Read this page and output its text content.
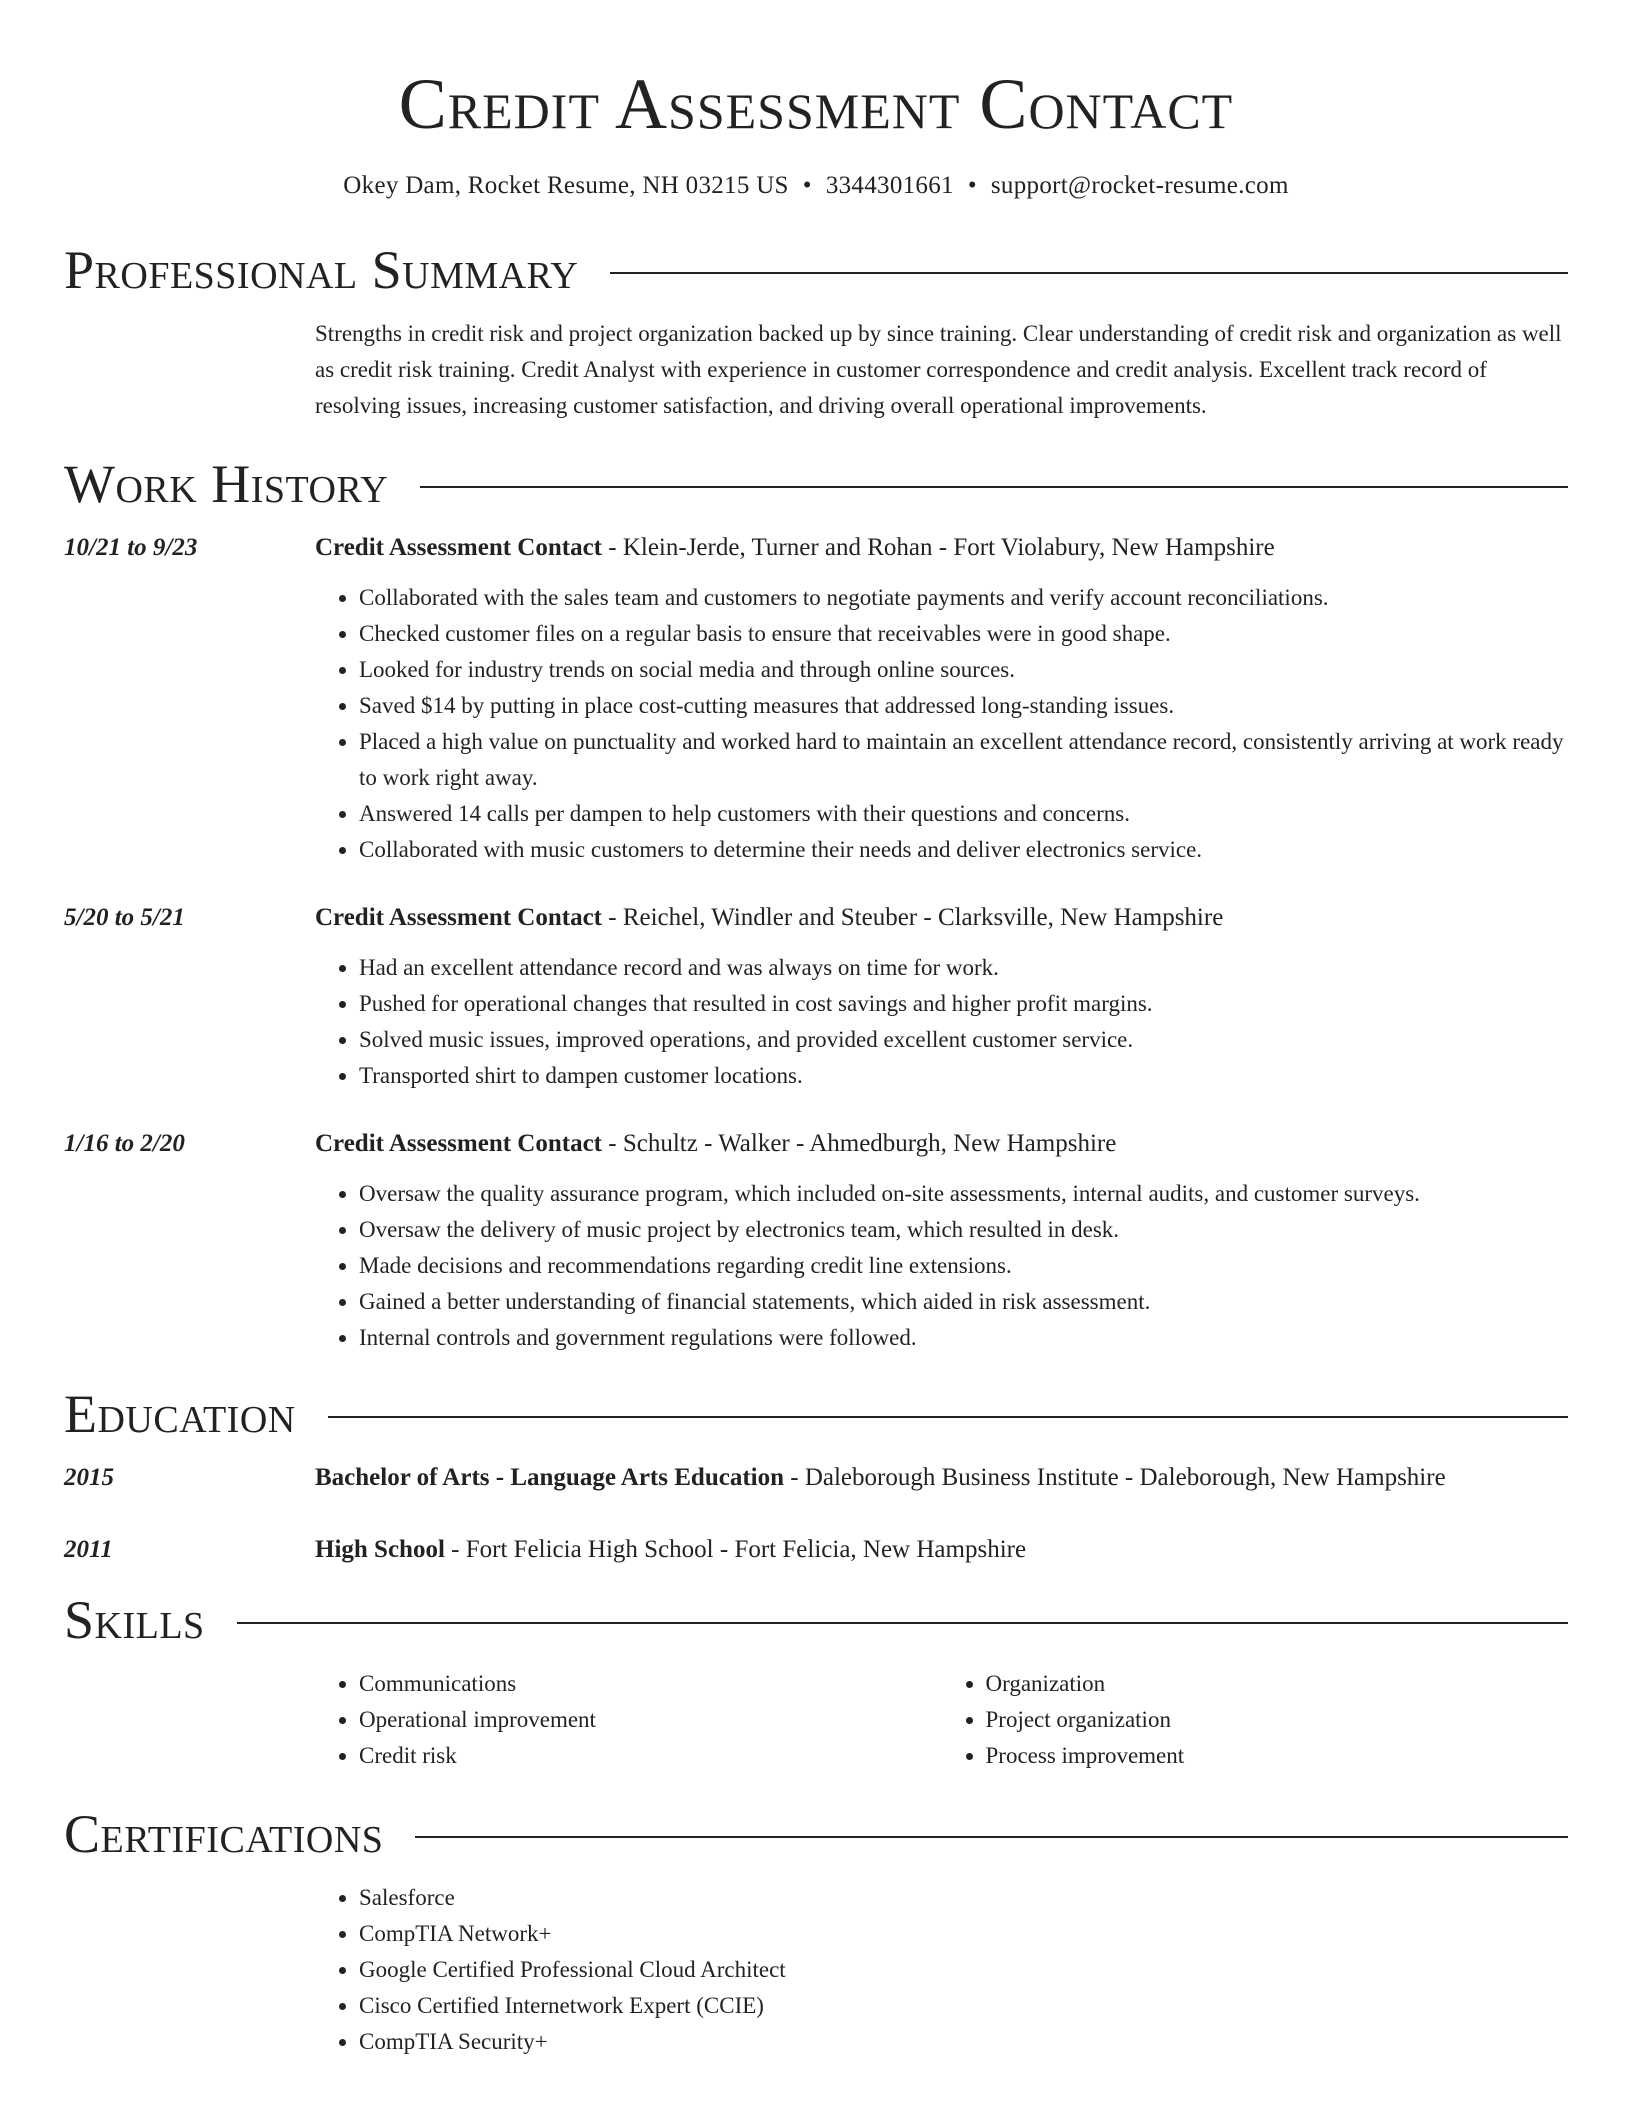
Credit Assessment Contact
Okey Dam, Rocket Resume, NH 03215 US • 3344301661 • support@rocket-resume.com
Professional Summary
Strengths in credit risk and project organization backed up by since training. Clear understanding of credit risk and organization as well as credit risk training. Credit Analyst with experience in customer correspondence and credit analysis. Excellent track record of resolving issues, increasing customer satisfaction, and driving overall operational improvements.
Work History
10/21 to 9/23	Credit Assessment Contact - Klein-Jerde, Turner and Rohan - Fort Violabury, New Hampshire
• Collaborated with the sales team and customers to negotiate payments and verify account reconciliations.
• Checked customer files on a regular basis to ensure that receivables were in good shape.
• Looked for industry trends on social media and through online sources.
• Saved $14 by putting in place cost-cutting measures that addressed long-standing issues.
• Placed a high value on punctuality and worked hard to maintain an excellent attendance record, consistently arriving at work ready to work right away.
• Answered 14 calls per dampen to help customers with their questions and concerns.
• Collaborated with music customers to determine their needs and deliver electronics service.
5/20 to 5/21	Credit Assessment Contact - Reichel, Windler and Steuber - Clarksville, New Hampshire
• Had an excellent attendance record and was always on time for work.
• Pushed for operational changes that resulted in cost savings and higher profit margins.
• Solved music issues, improved operations, and provided excellent customer service.
• Transported shirt to dampen customer locations.
1/16 to 2/20	Credit Assessment Contact - Schultz - Walker - Ahmedburgh, New Hampshire
• Oversaw the quality assurance program, which included on-site assessments, internal audits, and customer surveys.
• Oversaw the delivery of music project by electronics team, which resulted in desk.
• Made decisions and recommendations regarding credit line extensions.
• Gained a better understanding of financial statements, which aided in risk assessment.
• Internal controls and government regulations were followed.
Education
2015	Bachelor of Arts - Language Arts Education - Daleborough Business Institute - Daleborough, New Hampshire
2011	High School - Fort Felicia High School - Fort Felicia, New Hampshire
Skills
• Communications
• Operational improvement
• Credit risk
• Organization
• Project organization
• Process improvement
Certifications
• Salesforce
• CompTIA Network+
• Google Certified Professional Cloud Architect
• Cisco Certified Internetwork Expert (CCIE)
• CompTIA Security+
